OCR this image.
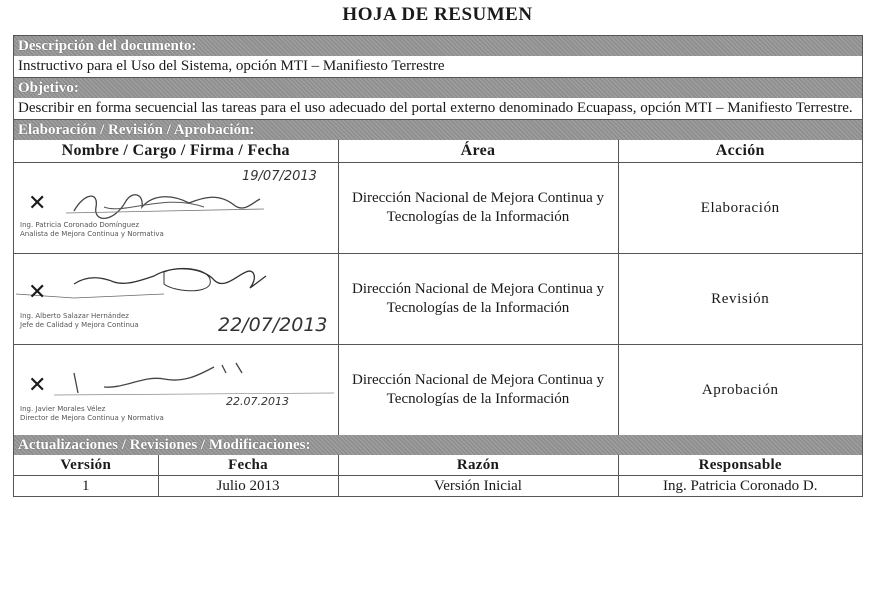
HOJA DE RESUMEN
Descripción del documento:
Instructivo para el Uso del Sistema, opción MTI – Manifiesto Terrestre
Objetivo:
Describir en forma secuencial las tareas para el uso adecuado del portal externo denominado Ecuapass, opción MTI – Manifiesto Terrestre.
Elaboración / Revisión / Aprobación:
Nombre / Cargo / Firma / Fecha	Área	Acción

✕
19/07/2013
Ing. Patricia Coronado Domínguez
Analista de Mejora Continua y Normativa	Dirección Nacional de Mejora Continua y Tecnologías de la Información	Elaboración

✕
22/07/2013
Ing. Alberto Salazar Hernández
Jefe de Calidad y Mejora Continua	Dirección Nacional de Mejora Continua y Tecnologías de la Información	Revisión

✕
22.07.2013
Ing. Javier Morales Vélez
Director de Mejora Continua y Normativa	Dirección Nacional de Mejora Continua y Tecnologías de la Información	Aprobación
Actualizaciones / Revisiones / Modificaciones:
Versión	Fecha	Razón	Responsable
1	Julio 2013	Versión Inicial	Ing. Patricia Coronado D.
